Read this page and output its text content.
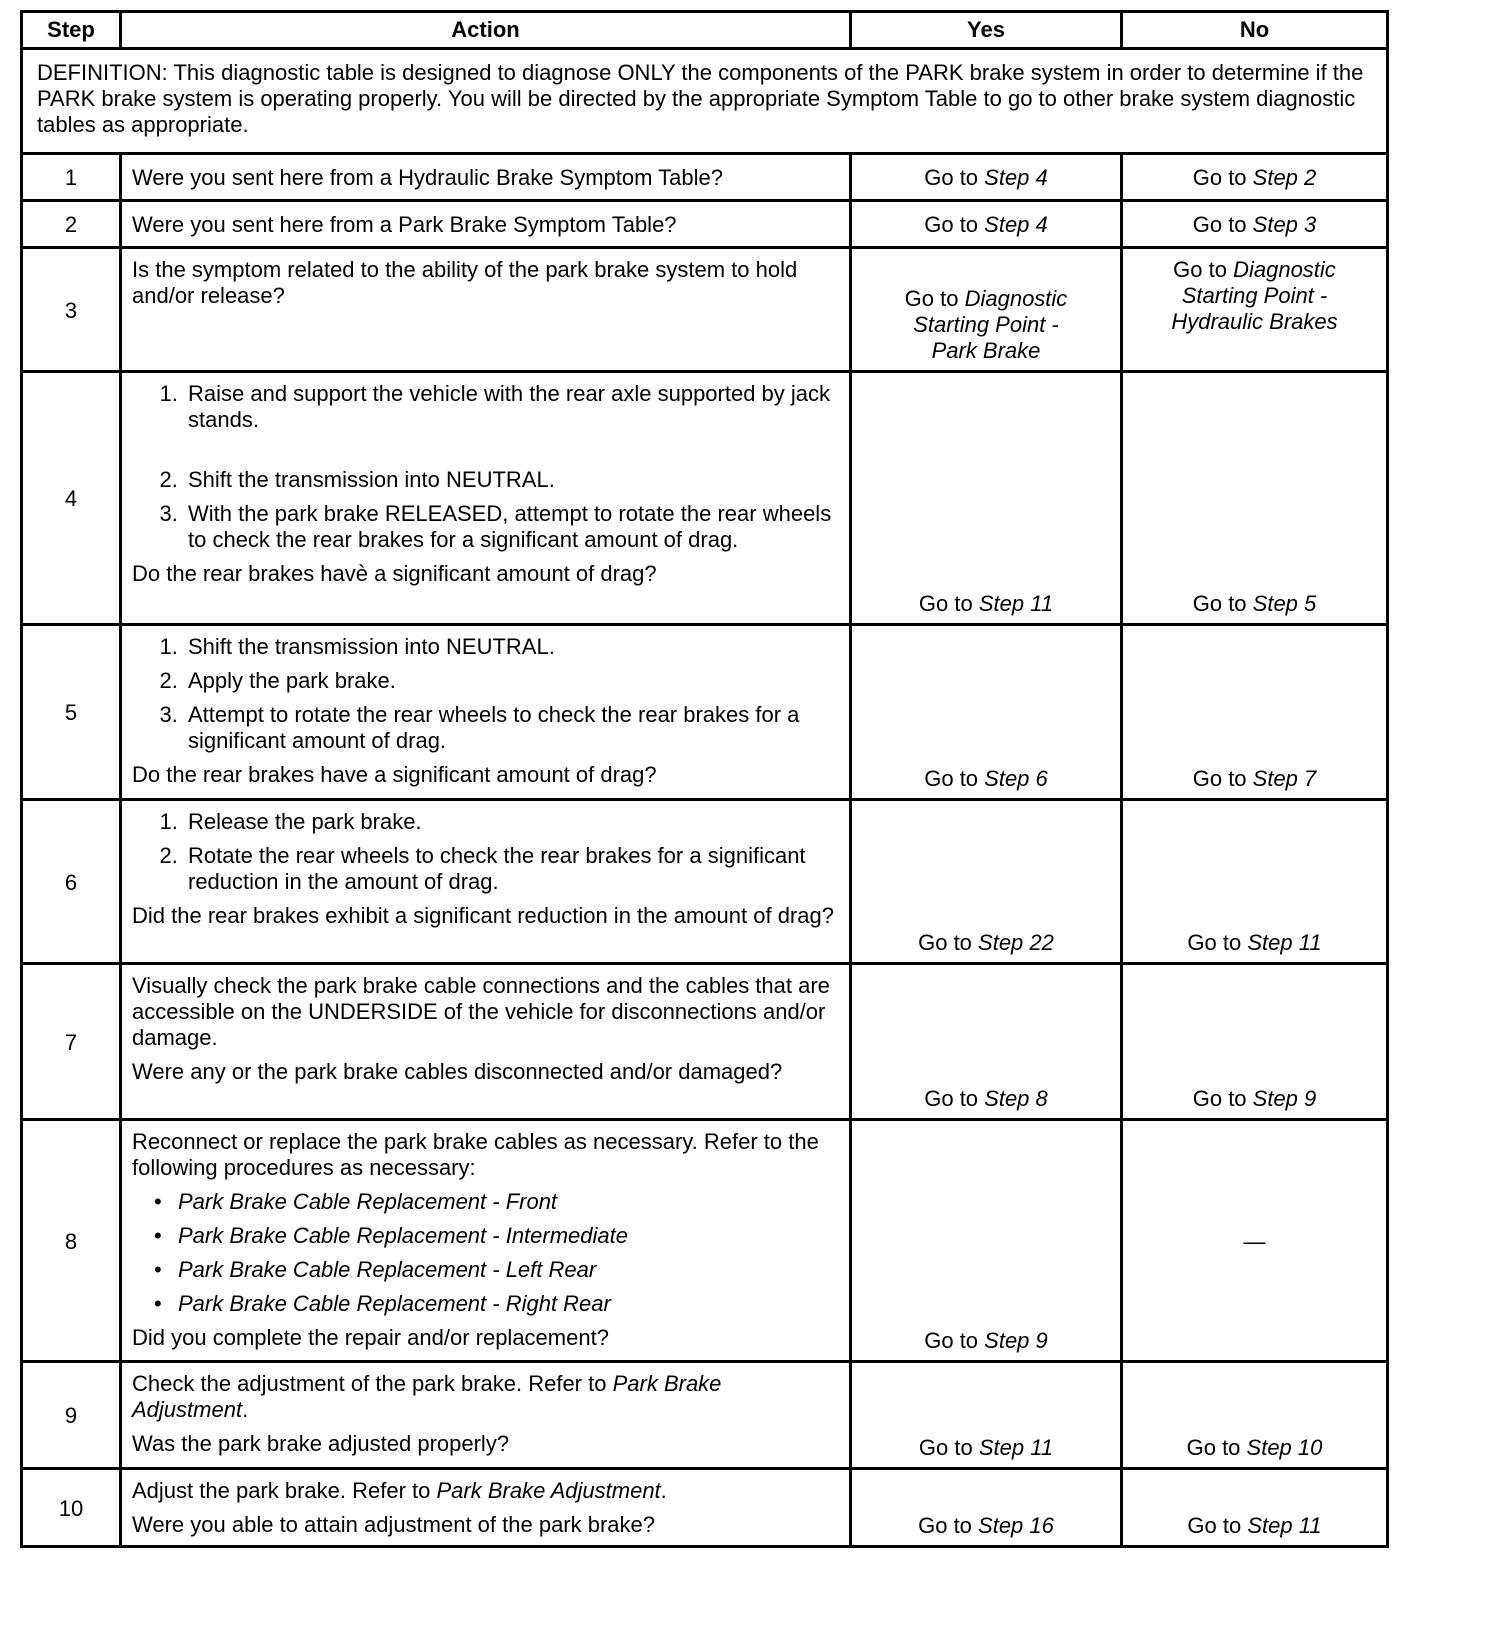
Step	Action	Yes	No
DEFINITION: This diagnostic table is designed to diagnose ONLY the components of the PARK brake system in order to determine if the PARK brake system is operating properly. You will be directed by the appropriate Symptom Table to go to other brake system diagnostic tables as appropriate.			
1	Were you sent here from a Hydraulic Brake Symptom Table?	Go to Step 4	Go to Step 2
2	Were you sent here from a Park Brake Symptom Table?	Go to Step 4	Go to Step 3
3	Is the symptom related to the ability of the park brake system to hold and/or release?	Go to Diagnostic Starting Point - Park Brake	Go to Diagnostic Starting Point - Hydraulic Brakes
4	
1. Raise and support the vehicle with the rear axle supported by jack stands.
2. Shift the transmission into NEUTRAL.
3. With the park brake RELEASED, attempt to rotate the rear wheels to check the rear brakes for a significant amount of drag.

Do the rear brakes havè a significant amount of drag?

	Go to Step 11	Go to Step 5
5	
1. Shift the transmission into NEUTRAL.
2. Apply the park brake.
3. Attempt to rotate the rear wheels to check the rear brakes for a significant amount of drag.

Do the rear brakes have a significant amount of drag?	Go to Step 6	Go to Step 7
6	
1. Release the park brake.
2. Rotate the rear wheels to check the rear brakes for a significant reduction in the amount of drag.

Did the rear brakes exhibit a significant reduction in the amount of drag?

	Go to Step 22	Go to Step 11
7	Visually check the park brake cable connections and the cables that are accessible on the UNDERSIDE of the vehicle for disconnections and/or damage.

Were any or the park brake cables disconnected and/or damaged?	Go to Step 8	Go to Step 9
8	

Reconnect or replace the park brake cables as necessary. Refer to the following procedures as necessary:

• Park Brake Cable Replacement - Front
• Park Brake Cable Replacement - Intermediate
• Park Brake Cable Replacement - Left Rear
• Park Brake Cable Replacement - Right Rear

Did you complete the repair and/or replacement?	Go to Step 9	—
9	Check the adjustment of the park brake. Refer to Park Brake Adjustment.

Was the park brake adjusted properly?	Go to Step 11	Go to Step 10
10	Adjust the park brake. Refer to Park Brake Adjustment.

Were you able to attain adjustment of the park brake?	Go to Step 16	Go to Step 11
